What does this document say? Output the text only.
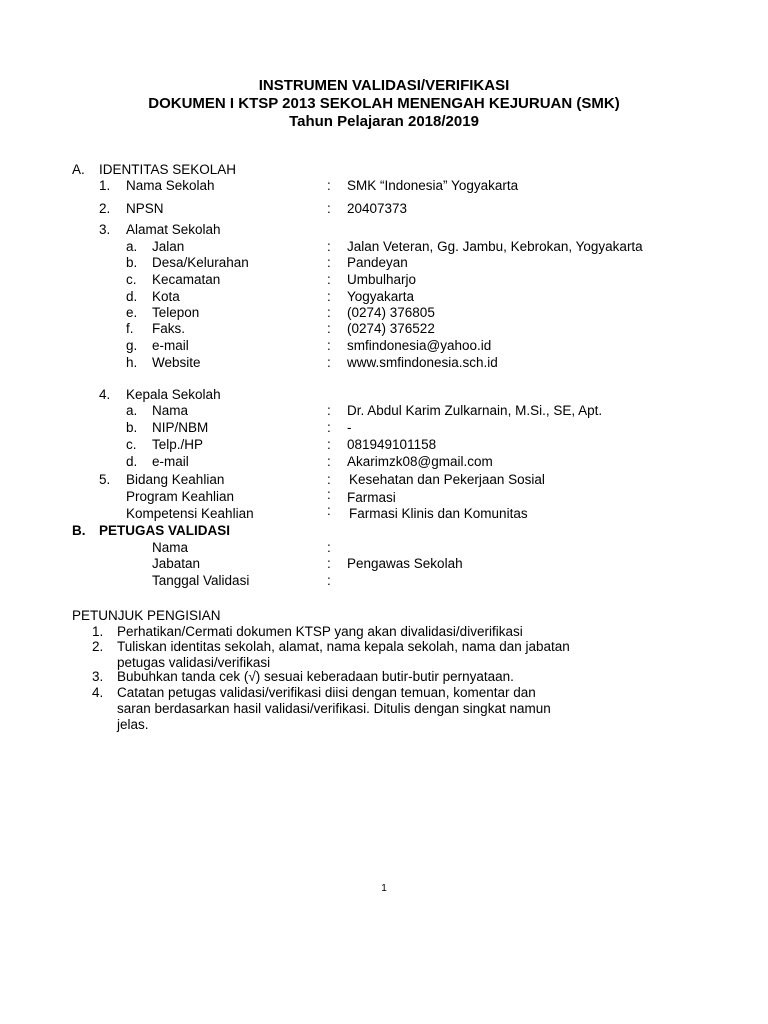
INSTRUMEN VALIDASI/VERIFIKASI
DOKUMEN I KTSP 2013 SEKOLAH MENENGAH KEJURUAN (SMK)
Tahun Pelajaran 2018/2019
A. IDENTITAS SEKOLAH
1. Nama Sekolah	: SMK “Indonesia” Yogyakarta
2. NPSN	: 20407373
3. Alamat Sekolah
a. Jalan	: Jalan Veteran, Gg. Jambu, Kebrokan, Yogyakarta
b. Desa/Kelurahan	: Pandeyan
c. Kecamatan	: Umbulharjo
d. Kota	: Yogyakarta
e. Telepon	: (0274) 376805
f. Faks.	: (0274) 376522
g. e-mail	: smfindonesia@yahoo.id
h. Website	: www.smfindonesia.sch.id
4. Kepala Sekolah
a. Nama	: Dr. Abdul Karim Zulkarnain, M.Si., SE, Apt.
b. NIP/NBM	: -
c. Telp./HP	: 081949101158
d. e-mail	: Akarimzk08@gmail.com
5. Bidang Keahlian	: Kesehatan dan Pekerjaan Sosial
Program Keahlian	: Farmasi
Kompetensi Keahlian	: Farmasi Klinis dan Komunitas
B. PETUGAS VALIDASI
Nama	:
Jabatan	: Pengawas Sekolah
Tanggal Validasi	:
PETUNJUK PENGISIAN
1. Perhatikan/Cermati dokumen KTSP yang akan divalidasi/diverifikasi
2. Tuliskan identitas sekolah, alamat, nama kepala sekolah, nama dan jabatan
petugas validasi/verifikasi
3. Bubuhkan tanda cek (√) sesuai keberadaan butir-butir pernyataan.
4. Catatan petugas validasi/verifikasi diisi dengan temuan, komentar dan
saran berdasarkan hasil validasi/verifikasi. Ditulis dengan singkat namun
jelas.
1
